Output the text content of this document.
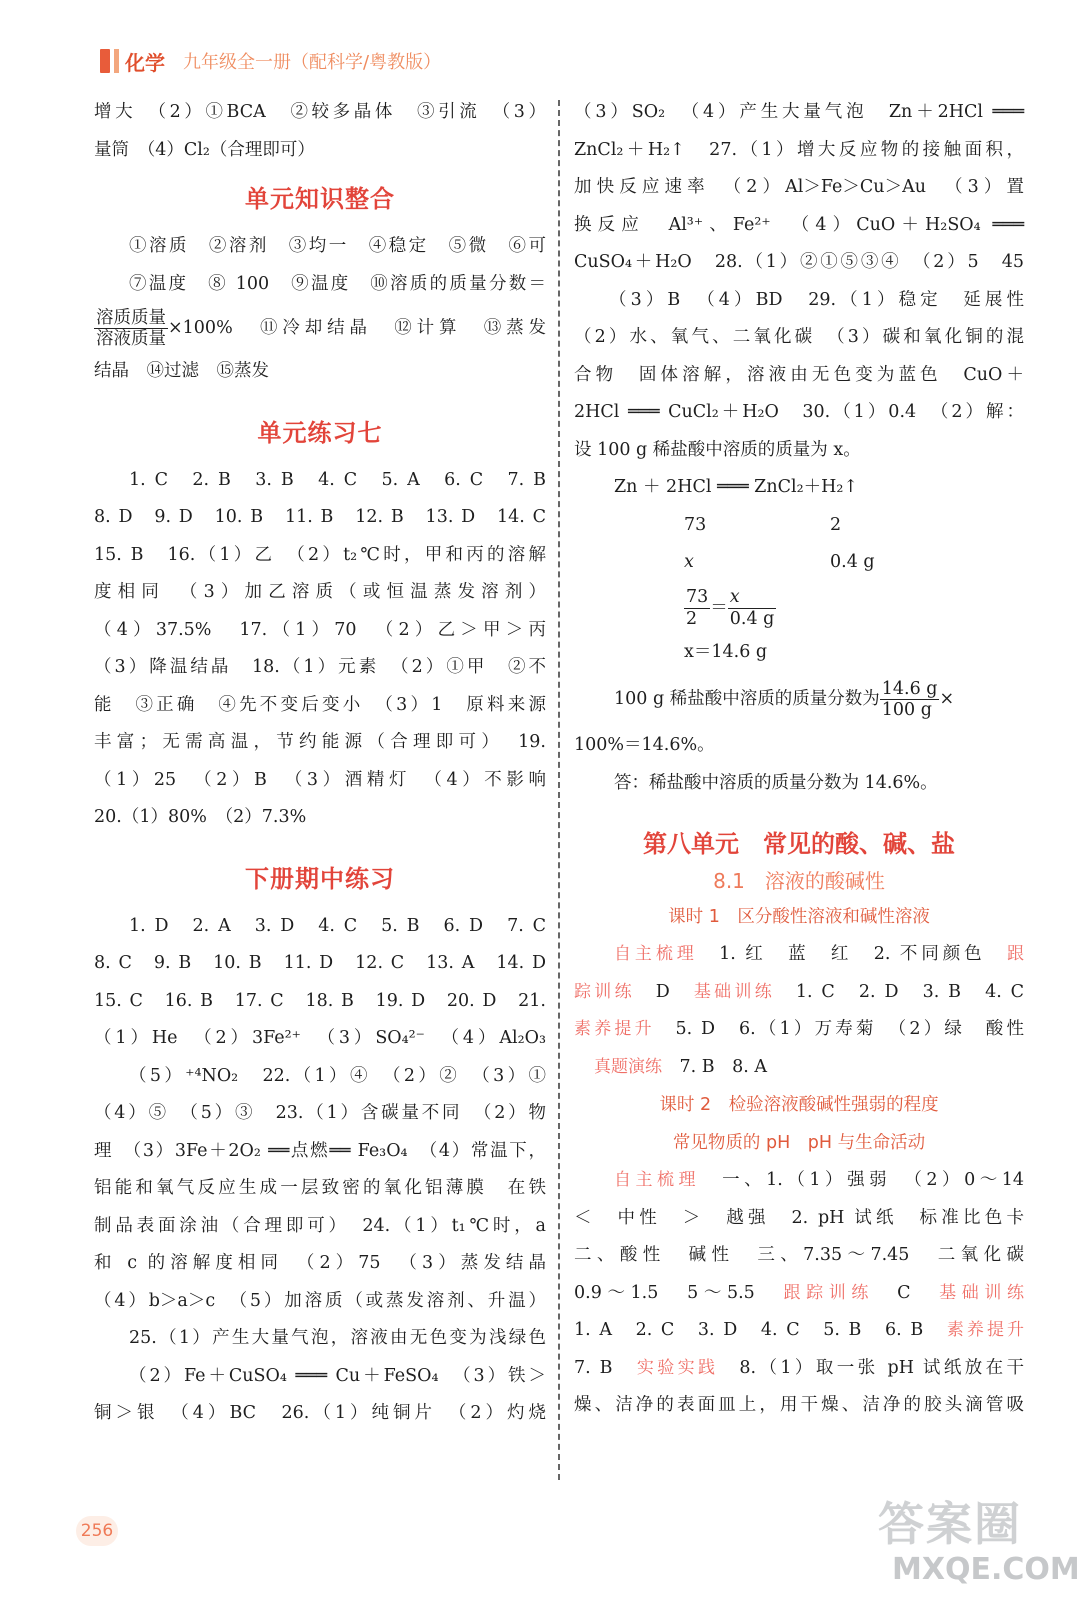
化学 九年级全一册（配科学/粤教版）
增大　（2）①BCA　②较多晶体　③引流　（3）
量筒　（4）Cl₂（合理即可）
单元知识整合
①溶质　②溶剂　③均一　④稳定　⑤微　⑥可
⑦温度　⑧ 100　⑨温度　⑩溶质的质量分数＝
$\frac{\text{溶质质量}}{\text{溶液质量}} \times 100\%$　⑪冷却结晶　⑫计算　⑬蒸发
结晶　⑭过滤　⑮蒸发
单元练习七
1. C　2. B　3. B　4. C　5. A　6. C　7. B
8. D　9. D　10. B　11. B　12. B　13. D　14. C
15. B　16.（1）乙　（2）t₂℃时，甲和丙的溶解
度相同　（3）加乙溶质（或恒温蒸发溶剂）
（4）37.5%　17.（1）70　（2）乙＞甲＞丙
（3）降温结晶　18.（1）元素　（2）①甲　②不
能　③正确　④先不变后变小　（3）1　原料来源
丰富；无需高温，节约能源（合理即可）　19.
（1）25　（2）B　（3）酒精灯　（4）不影响
20.（1）80%　（2）7.3%
下册期中练习
1. D　2. A　3. D　4. C　5. B　6. D　7. C
8. C　9. B　10. B　11. D　12. C　13. A　14. D
15. C　16. B　17. C　18. B　19. D　20. D　21.
（1）He　（2）3Fe²⁺　（3）SO₄²⁻　（4）Al₂O₃
（5）⁺⁴NO₂　22.（1）④　（2）②　（3）①
（4）⑤　（5）③　23.（1）含碳量不同　（2）物
理　（3）3Fe＋2O₂ ══点燃══ Fe₃O₄　（4）常温下，
铝能和氧气反应生成一层致密的氧化铝薄膜　在铁
制品表面涂油（合理即可）　24.（1）t₁℃时，a
和 c 的溶解度相同　（2）75　（3）蒸发结晶
（4）b＞a＞c　（5）加溶质（或蒸发溶剂、升温）
25.（1）产生大量气泡，溶液由无色变为浅绿色
（2）Fe＋CuSO₄ ═══ Cu＋FeSO₄　（3）铁＞
铜＞银　（4）BC　26.（1）纯铜片　（2）灼烧
（3）SO₂　（4）产生大量气泡　Zn＋2HCl ═══
ZnCl₂＋H₂↑　27.（1）增大反应物的接触面积，
加快反应速率　（2）Al＞Fe＞Cu＞Au　（3）置
换反应　Al³⁺、Fe²⁺　（4）CuO＋H₂SO₄ ═══
CuSO₄＋H₂O　28.（1）②①⑤③④　（2）5　45
（3）B　（4）BD　29.（1）稳定　延展性
（2）水、氧气、二氧化碳　（3）碳和氧化铜的混
合物　固体溶解，溶液由无色变为蓝色　CuO＋
2HCl ═══ CuCl₂＋H₂O　30.（1）0.4　（2）解：
设 100 g 稀盐酸中溶质的质量为 x。
Zn ＋ 2HCl ═══ ZnCl₂＋H₂↑
73	2
x	0.4 g
$\frac{73}{2} = \frac{x}{0.4 g}$
x＝14.6 g
100 g 稀盐酸中溶质的质量分数为 $\frac{14.6 g}{100 g}$ ×
100%＝14.6%。
答：稀盐酸中溶质的质量分数为 14.6%。
第八单元　常见的酸、碱、盐
8.1　溶液的酸碱性
课时 1　区分酸性溶液和碱性溶液
自主梳理　 1. 红　蓝　红　2. 不同颜色　 跟
踪训练　 D　 基础训练　 1. C　2. D　3. B　4. C
素养提升　 5. D　6.（1）万寿菊　（2）绿　酸性
真题演练　 7. B　8. A
课时 2　检验溶液酸碱性强弱的程度
常见物质的 pH　pH 与生命活动
自主梳理　 一、1.（1）强弱　（2）0～14
＜　中性　＞　越强　2. pH 试纸　标准比色卡
二、酸性　碱性　三、7.35～7.45　二氧化碳
0.9～1.5　5～5.5　 跟踪训练　 C　 基础训练
1. A　2. C　3. D　4. C　5. B　6. B　 素养提升
7. B　 实验实践　 8.（1）取一张 pH 试纸放在干
燥、洁净的表面皿上，用干燥、洁净的胶头滴管吸
256	答案圈
MXQE.COM
